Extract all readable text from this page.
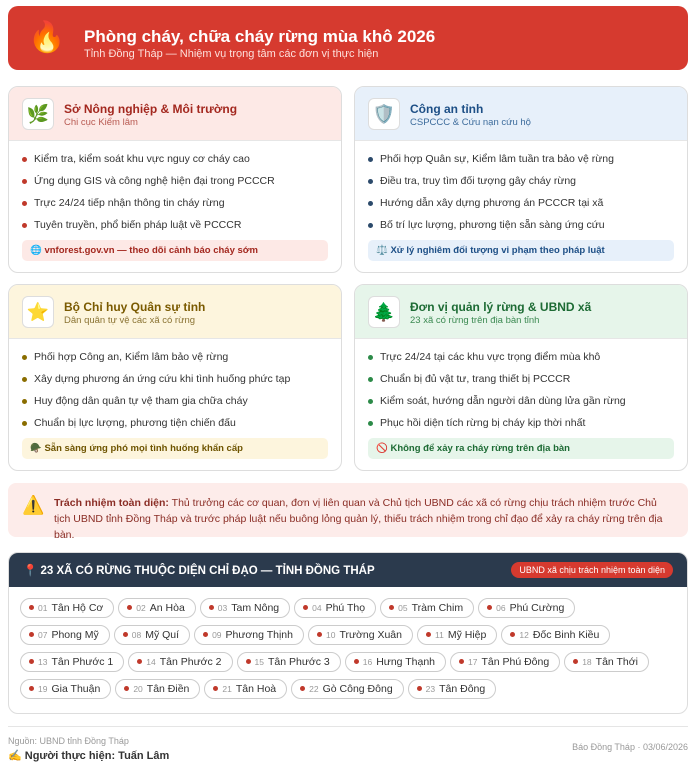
🔥 Phòng cháy, chữa cháy rừng mùa khô 2026
Tỉnh Đồng Tháp — Nhiệm vụ trọng tâm các đơn vị thực hiện
🌿	Sở Nông nghiệp & Môi trường
Chi cục Kiểm lâm
Kiểm tra, kiểm soát khu vực nguy cơ cháy cao
Ứng dụng GIS và công nghệ hiện đại trong PCCCR
Trực 24/24 tiếp nhận thông tin cháy rừng
Tuyên truyền, phổ biến pháp luật về PCCCR
🌐 vnforest.gov.vn — theo dõi cảnh báo cháy sớm
🛡️	Công an tỉnh
CSPCCC & Cứu nạn cứu hộ
Phối hợp Quân sự, Kiểm lâm tuần tra bảo vệ rừng
Điều tra, truy tìm đối tượng gây cháy rừng
Hướng dẫn xây dựng phương án PCCCR tại xã
Bố trí lực lượng, phương tiện sẵn sàng ứng cứu
⚖️ Xử lý nghiêm đối tượng vi phạm theo pháp luật
⭐	Bộ Chỉ huy Quân sự tỉnh
Dân quân tự vệ các xã có rừng
Phối hợp Công an, Kiểm lâm bảo vệ rừng
Xây dựng phương án ứng cứu khi tình huống phức tạp
Huy động dân quân tự vệ tham gia chữa cháy
Chuẩn bị lực lượng, phương tiện chiến đấu
🪖 Sẵn sàng ứng phó mọi tình huống khẩn cấp
🌲	Đơn vị quản lý rừng & UBND xã
23 xã có rừng trên địa bàn tỉnh
Trực 24/24 tại các khu vực trọng điểm mùa khô
Chuẩn bị đủ vật tư, trang thiết bị PCCCR
Kiểm soát, hướng dẫn người dân dùng lửa gần rừng
Phục hồi diện tích rừng bị cháy kịp thời nhất
🚫 Không để xảy ra cháy rừng trên địa bàn
⚠️ Trách nhiệm toàn diện: Thủ trưởng các cơ quan, đơn vị liên quan và Chủ tịch UBND các xã có rừng chịu trách nhiệm trước Chủ tịch UBND tỉnh Đồng Tháp và trước pháp luật nếu buông lỏng quản lý, thiếu trách nhiệm trong chỉ đạo để xảy ra cháy rừng trên địa bàn.
📍 23 XÃ CÓ RỪNG THUỘC DIỆN CHỈ ĐẠO — TỈNH ĐỒNG THÁP	UBND xã chịu trách nhiệm toàn diện
01 Tân Hộ Cơ	02 An Hòa	03 Tam Nông	04 Phú Thọ	05 Tràm Chim	06 Phú Cường
07 Phong Mỹ	08 Mỹ Quí	09 Phương Thịnh	10 Trường Xuân	11 Mỹ Hiệp	12 Đốc Binh Kiều
13 Tân Phước 1	14 Tân Phước 2	15 Tân Phước 3	16 Hưng Thạnh	17 Tân Phú Đông	18 Tân Thới
19 Gia Thuận	20 Tân Điền	21 Tân Hoà	22 Gò Công Đông	23 Tân Đông
Nguồn: UBND tỉnh Đồng Tháp
✍️ Người thực hiện: Tuấn Lâm
Báo Đồng Tháp · 03/06/2026
